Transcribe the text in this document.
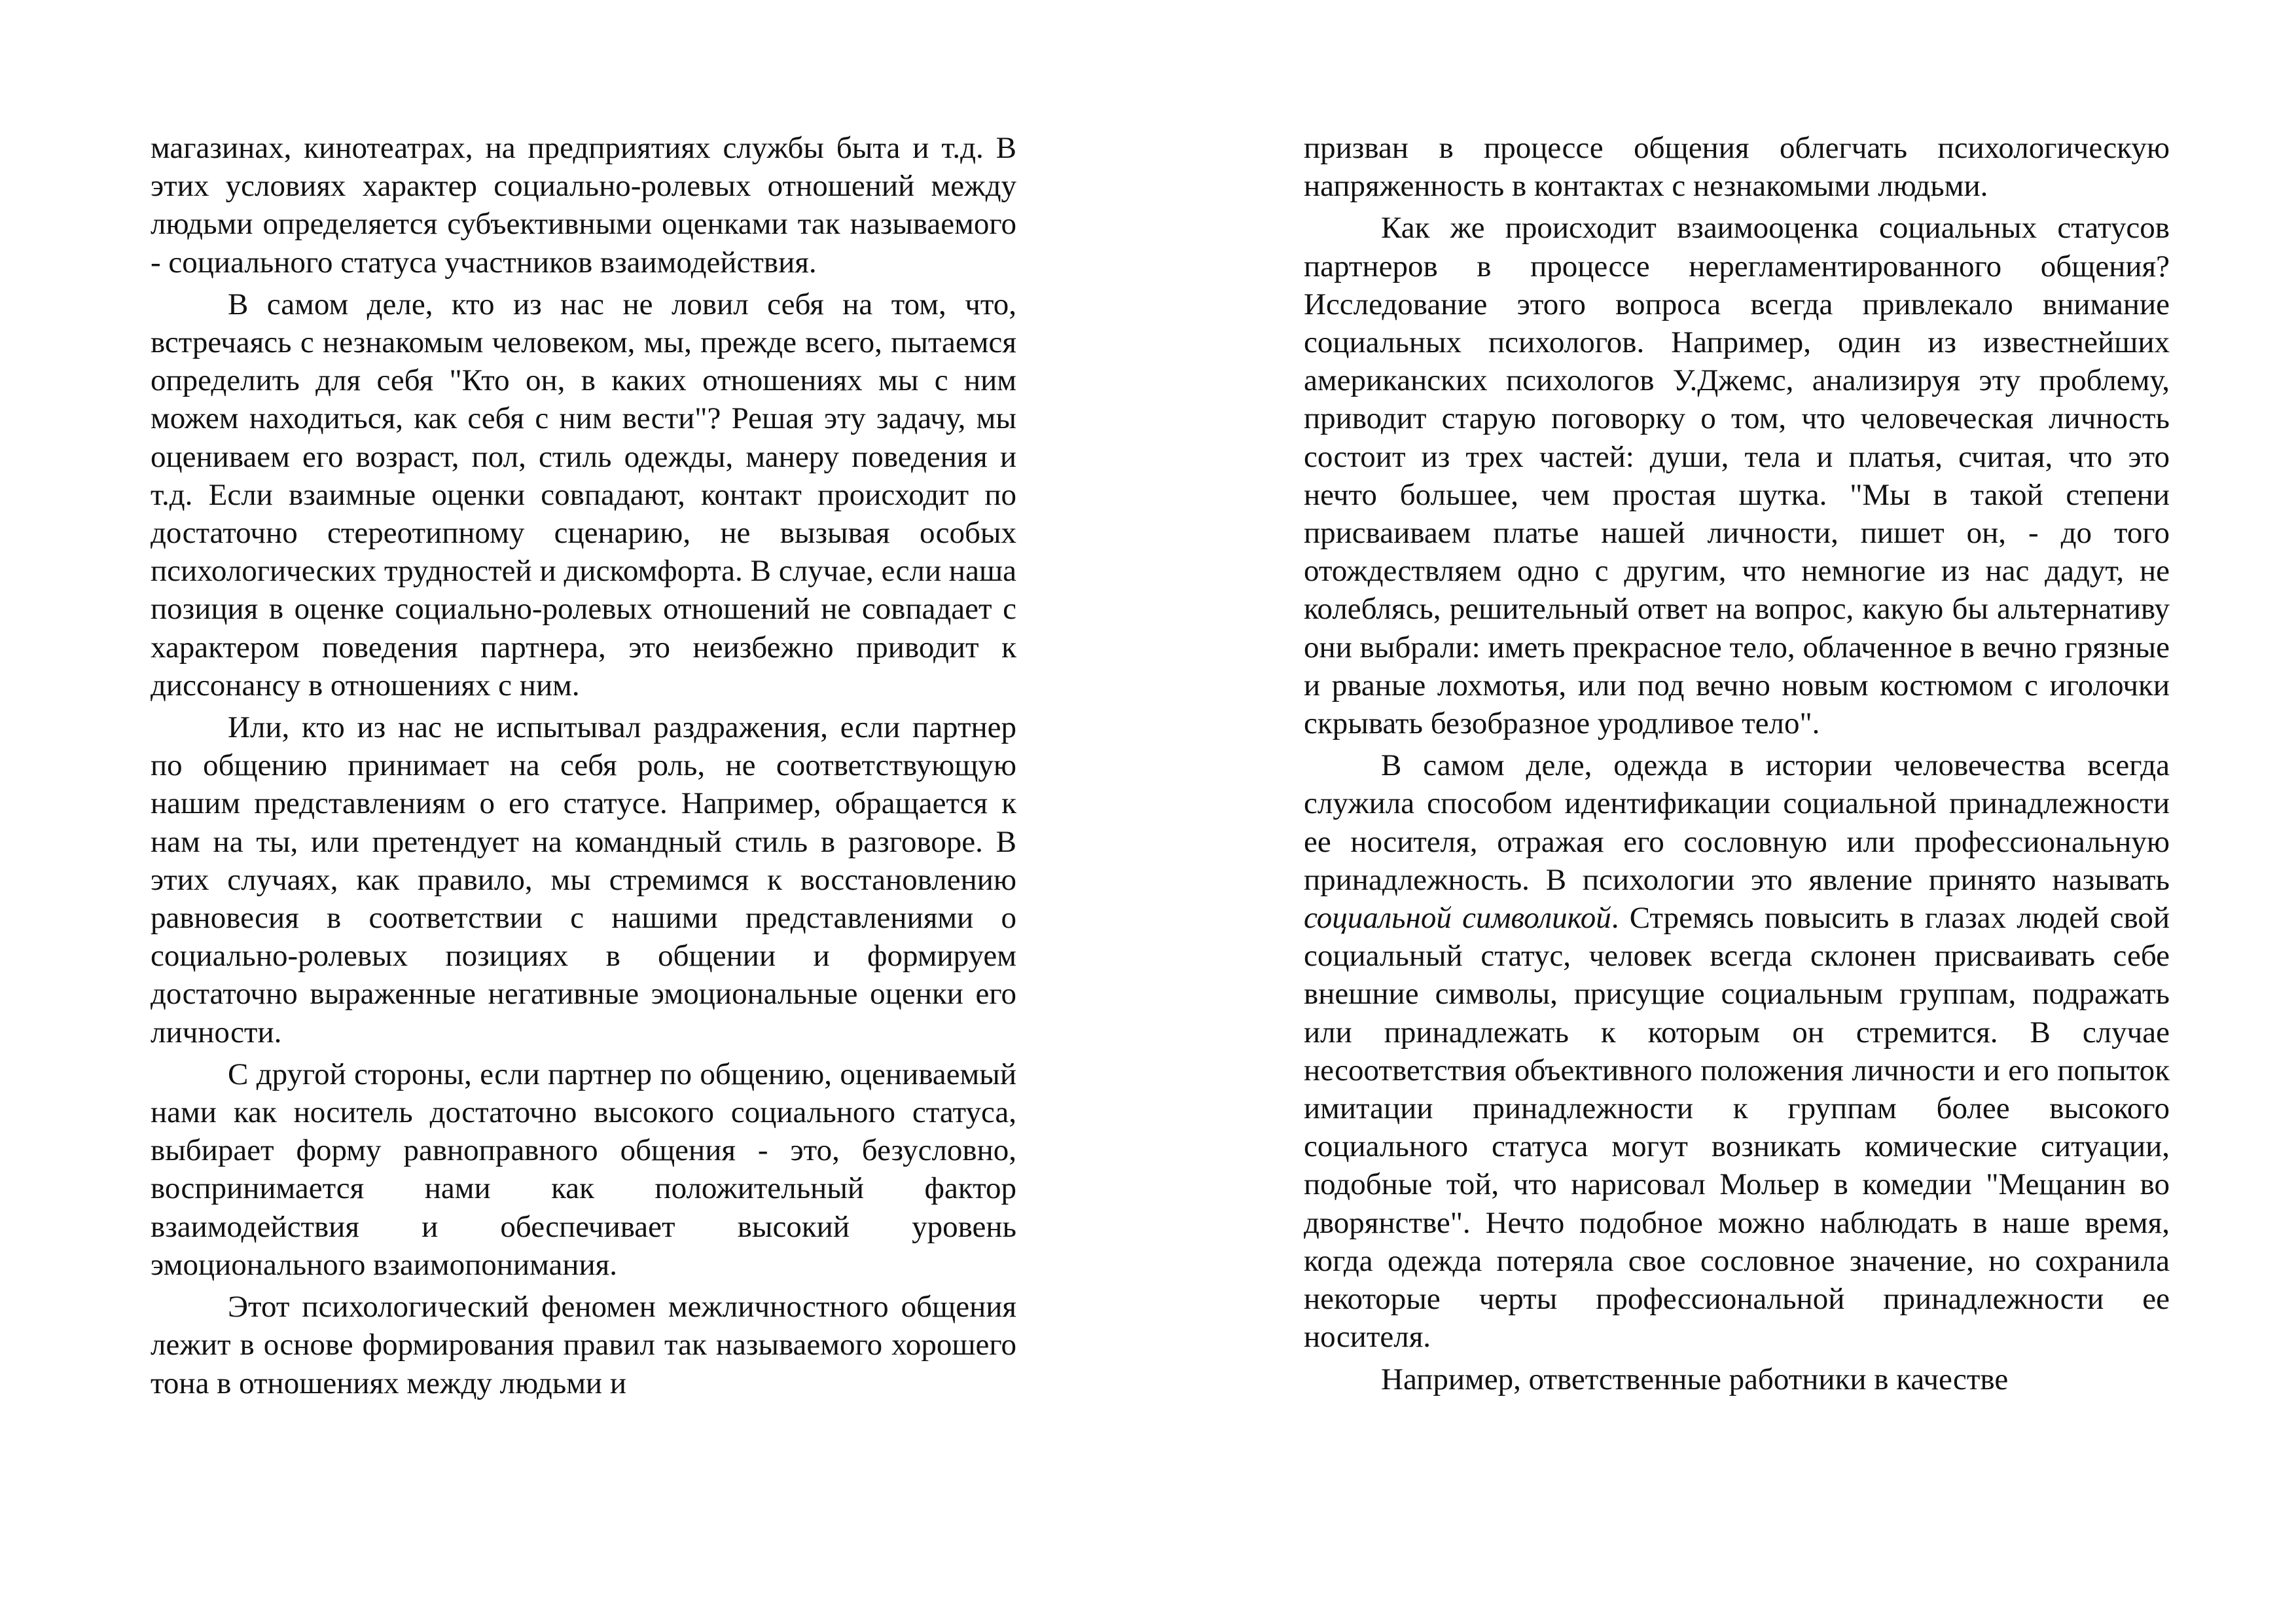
магазинах, кинотеатрах, на предприятиях службы быта и т.д. В этих условиях характер социально-ролевых отношений между людьми определяется субъективными оценками так называемого - социального статуса участников взаимодействия.

В самом деле, кто из нас не ловил себя на том, что, встречаясь с незнакомым человеком, мы, прежде всего, пытаемся определить для себя "Кто он, в каких отношениях мы с ним можем находиться, как себя с ним вести"? Решая эту задачу, мы оцениваем его возраст, пол, стиль одежды, манеру поведения и т.д. Если взаимные оценки совпадают, контакт происходит по достаточно стереотипному сценарию, не вызывая особых психологических трудностей и дискомфорта. В случае, если наша позиция в оценке социально-ролевых отношений не совпадает с характером поведения партнера, это неизбежно приводит к диссонансу в отношениях с ним.

Или, кто из нас не испытывал раздражения, если партнер по общению принимает на себя роль, не соответствующую нашим представлениям о его статусе. Например, обращается к нам на ты, или претендует на командный стиль в разговоре. В этих случаях, как правило, мы стремимся к восстановлению равновесия в соответствии с нашими представлениями о социально-ролевых позициях в общении и формируем достаточно выраженные негативные эмоциональные оценки его личности.

С другой стороны, если партнер по общению, оцениваемый нами как носитель достаточно высокого социального статуса, выбирает форму равноправного общения - это, безусловно, воспринимается нами как положительный фактор взаимодействия и обеспечивает высокий уровень эмоционального взаимопонимания.

Этот психологический феномен межличностного общения лежит в основе формирования правил так называемого хорошего тона в отношениях между людьми и

призван в процессе общения облегчать психологическую напряженность в контактах с незнакомыми людьми.

Как же происходит взаимооценка социальных статусов партнеров в процессе нерегламентированного общения? Исследование этого вопроса всегда привлекало внимание социальных психологов. Например, один из известнейших американских психологов У.Джемс, анализируя эту проблему, приводит старую поговорку о том, что человеческая личность состоит из трех частей: души, тела и платья, считая, что это нечто большее, чем простая шутка. "Мы в такой степени присваиваем платье нашей личности, пишет он, - до того отождествляем одно с другим, что немногие из нас дадут, не колеблясь, решительный ответ на вопрос, какую бы альтернативу они выбрали: иметь прекрасное тело, облаченное в вечно грязные и рваные лохмотья, или под вечно новым костюмом с иголочки скрывать безобразное уродливое тело".

В самом деле, одежда в истории человечества всегда служила способом идентификации социальной принадлежности ее носителя, отражая его сословную или профессиональную принадлежность. В психологии это явление принято называть социальной символикой. Стремясь повысить в глазах людей свой социальный статус, человек всегда склонен присваивать себе внешние символы, присущие социальным группам, подражать или принадлежать к которым он стремится. В случае несоответствия объективного положения личности и его попыток имитации принадлежности к группам более высокого социального статуса могут возникать комические ситуации, подобные той, что нарисовал Мольер в комедии "Мещанин во дворянстве". Нечто подобное можно наблюдать в наше время, когда одежда потеряла свое сословное значение, но сохранила некоторые черты профессиональной принадлежности ее носителя.

Например, ответственные работники в качестве
